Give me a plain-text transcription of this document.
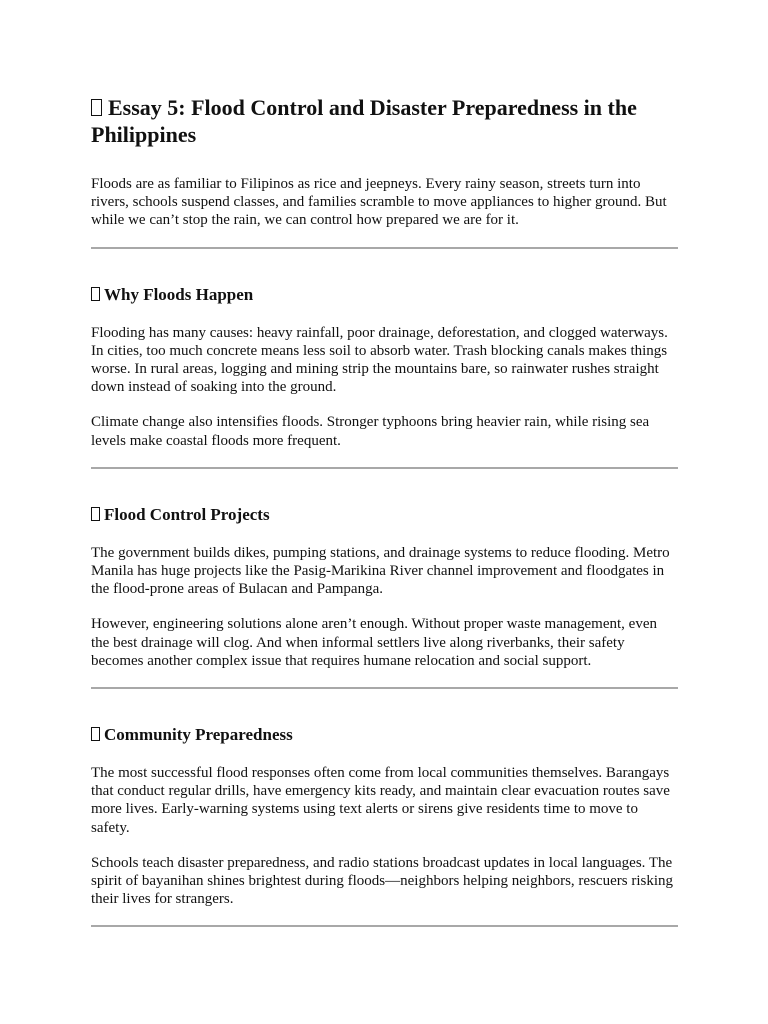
Essay 5: Flood Control and Disaster Preparedness in the Philippines

Floods are as familiar to Filipinos as rice and jeepneys. Every rainy season, streets turn into rivers, schools suspend classes, and families scramble to move appliances to higher ground. But while we can’t stop the rain, we can control how prepared we are for it.

Why Floods Happen

Flooding has many causes: heavy rainfall, poor drainage, deforestation, and clogged waterways. In cities, too much concrete means less soil to absorb water. Trash blocking canals makes things worse. In rural areas, logging and mining strip the mountains bare, so rainwater rushes straight down instead of soaking into the ground.

Climate change also intensifies floods. Stronger typhoons bring heavier rain, while rising sea levels make coastal floods more frequent.

Flood Control Projects

The government builds dikes, pumping stations, and drainage systems to reduce flooding. Metro Manila has huge projects like the Pasig-Marikina River channel improvement and floodgates in the flood-prone areas of Bulacan and Pampanga.

However, engineering solutions alone aren’t enough. Without proper waste management, even the best drainage will clog. And when informal settlers live along riverbanks, their safety becomes another complex issue that requires humane relocation and social support.

Community Preparedness

The most successful flood responses often come from local communities themselves. Barangays that conduct regular drills, have emergency kits ready, and maintain clear evacuation routes save more lives. Early-warning systems using text alerts or sirens give residents time to move to safety.

Schools teach disaster preparedness, and radio stations broadcast updates in local languages. The spirit of bayanihan shines brightest during floods—neighbors helping neighbors, rescuers risking their lives for strangers.
